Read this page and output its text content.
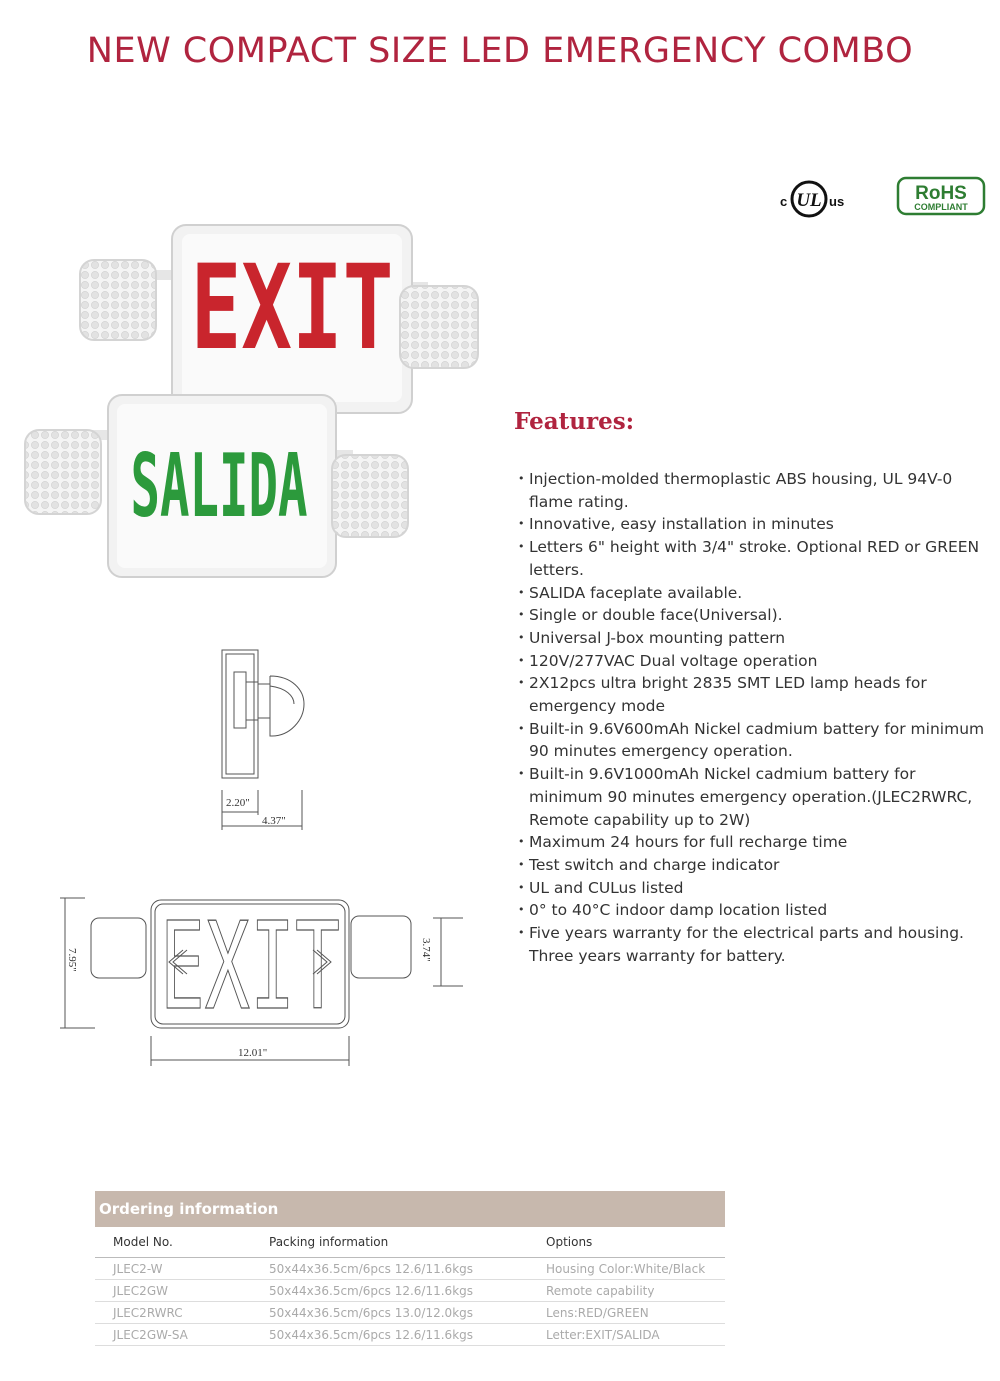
NEW COMPACT SIZE LED EMERGENCY COMBO
c UL us	RoHS
COMPLIANT
EXIT
SALIDA
2.20"
4.37"
EXIT
7.95"	3.74"
12.01"
Features:
• Injection-molded thermoplastic ABS housing, UL 94V-0 flame rating.
• Innovative, easy installation in minutes
• Letters 6" height with 3/4" stroke. Optional RED or GREEN letters.
• SALIDA faceplate available.
• Single or double face(Universal).
• Universal J-box mounting pattern
• 120V/277VAC Dual voltage operation
• 2X12pcs ultra bright 2835 SMT LED lamp heads for emergency mode
• Built-in 9.6V600mAh Nickel cadmium battery for minimum 90 minutes emergency operation.
• Built-in 9.6V1000mAh Nickel cadmium battery for minimum 90 minutes emergency operation.(JLEC2RWRC, Remote capability up to 2W)
• Maximum 24 hours for full recharge time
• Test switch and charge indicator
• UL and CULus listed
• 0° to 40°C indoor damp location listed
• Five years warranty for the electrical parts and housing. Three years warranty for battery.
Ordering information
Model No.	Packing information	Options
JLEC2-W	50x44x36.5cm/6pcs 12.6/11.6kgs	Housing Color:White/Black
JLEC2GW	50x44x36.5cm/6pcs 12.6/11.6kgs	Remote capability
JLEC2RWRC	50x44x36.5cm/6pcs 13.0/12.0kgs	Lens:RED/GREEN
JLEC2GW-SA	50x44x36.5cm/6pcs 12.6/11.6kgs	Letter:EXIT/SALIDA
